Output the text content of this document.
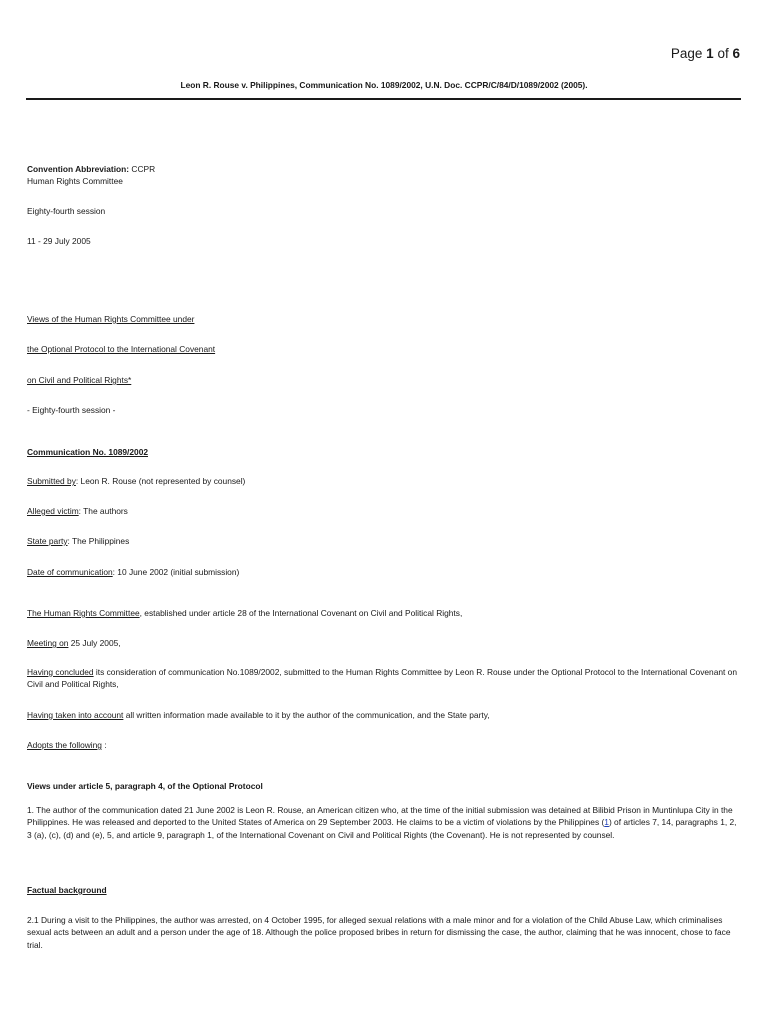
Page 1 of 6
Leon R. Rouse v. Philippines, Communication No. 1089/2002, U.N. Doc. CCPR/C/84/D/1089/2002 (2005).
Convention Abbreviation: CCPR
Human Rights Committee
Eighty-fourth session
11 - 29 July 2005
Views of the Human Rights Committee under
the Optional Protocol to the International Covenant
on Civil and Political Rights*
- Eighty-fourth session -
Communication No. 1089/2002
Submitted by: Leon R. Rouse (not represented by counsel)
Alleged victim: The authors
State party: The Philippines
Date of communication: 10 June 2002 (initial submission)
The Human Rights Committee, established under article 28 of the International Covenant on Civil and Political Rights,
Meeting on 25 July 2005,
Having concluded its consideration of communication No.1089/2002, submitted to the Human Rights Committee by Leon R. Rouse under the Optional Protocol to the International Covenant on Civil and Political Rights,
Having taken into account all written information made available to it by the author of the communication, and the State party,
Adopts the following :
Views under article 5, paragraph 4, of the Optional Protocol
1. The author of the communication dated 21 June 2002 is Leon R. Rouse, an American citizen who, at the time of the initial submission was detained at Bilibid Prison in Muntinlupa City in the Philippines. He was released and deported to the United States of America on 29 September 2003. He claims to be a victim of violations by the Philippines (1) of articles 7, 14, paragraphs 1, 2, 3 (a), (c), (d) and (e), 5, and article 9, paragraph 1, of the International Covenant on Civil and Political Rights (the Covenant). He is not represented by counsel.
Factual background
2.1 During a visit to the Philippines, the author was arrested, on 4 October 1995, for alleged sexual relations with a male minor and for a violation of the Child Abuse Law, which criminalises sexual acts between an adult and a person under the age of 18. Although the police proposed bribes in return for dismissing the case, the author, claiming that he was innocent, chose to face trial.
